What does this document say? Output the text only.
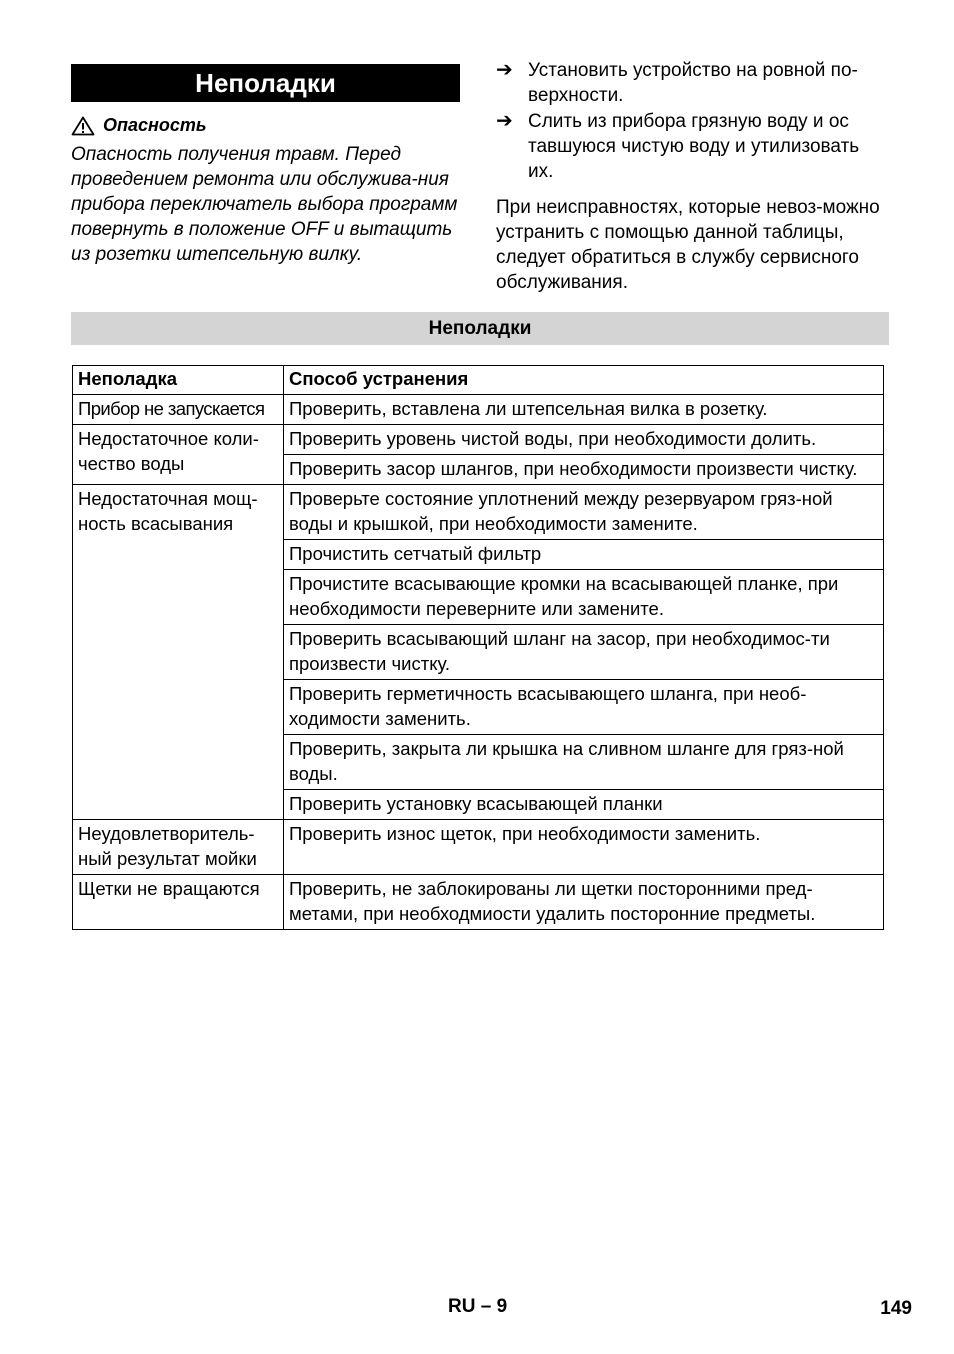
Неполадки
Опасность
Опасность получения травм. Перед проведением ремонта или обслужива-ния прибора переключатель выбора программ повернуть в положение OFF и вытащить из розетки штепсельную вилку.
➔ Установить устройство на ровной по-верхности.
➔ Слить из прибора грязную воду и ос тавшуюся чистую воду и утилизовать их.
При неисправностях, которые невоз-можно устранить с помощью данной таблицы, следует обратиться в службу сервисного обслуживания.
Неполадки
Неполадка	Способ устранения
Прибор не запускается	Проверить, вставлена ли штепсельная вилка в розетку.
Недостаточное коли-чество воды	Проверить уровень чистой воды, при необходимости долить.
	Проверить засор шлангов, при необходимости произвести чистку.
Недостаточная мощ-ность всасывания	Проверьте состояние уплотнений между резервуаром гряз-ной воды и крышкой, при необходимости замените.
	Прочистить сетчатый фильтр
	Прочистите всасывающие кромки на всасывающей планке, при необходимости переверните или замените.
	Проверить всасывающий шланг на засор, при необходимос-ти произвести чистку.
	Проверить герметичность всасывающего шланга, при необ-ходимости заменить.
	Проверить, закрыта ли крышка на сливном шланге для гряз-ной воды.
	Проверить установку всасывающей планки
Неудовлетворитель-ный результат мойки	Проверить износ щеток, при необходимости заменить.
Щетки не вращаются	Проверить, не заблокированы ли щетки посторонними пред-метами, при необходмиости удалить посторонние предметы.
RU – 9	149
